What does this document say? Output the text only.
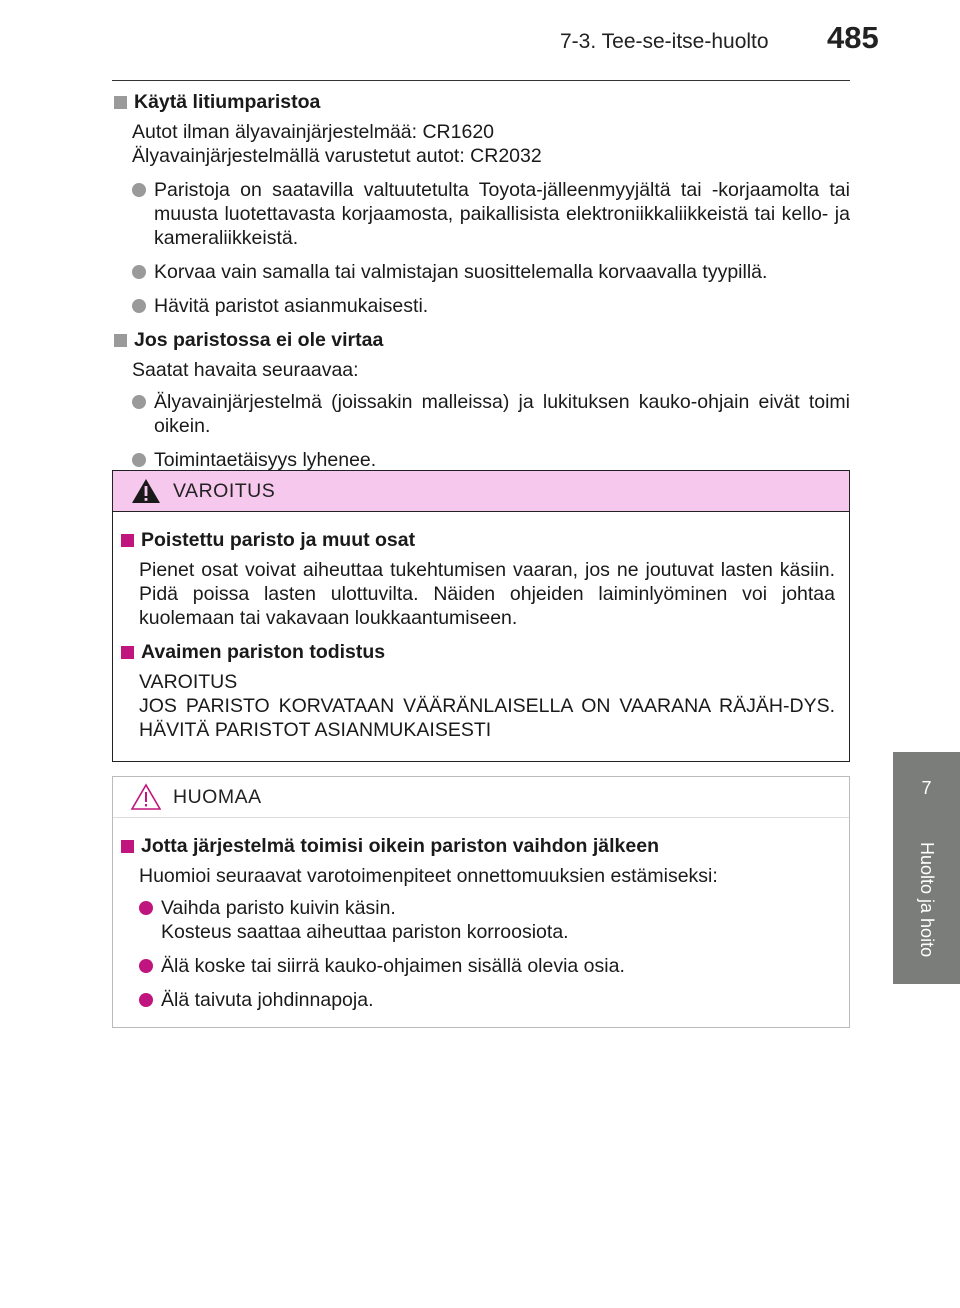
7-3. Tee-se-itse-huolto 485
7
Huolto ja hoito
Käytä litiumparistoa
Autot ilman älyavainjärjestelmää: CR1620
Älyavainjärjestelmällä varustetut autot: CR2032
Paristoja on saatavilla valtuutetulta Toyota-jälleenmyyjältä tai -korjaamolta tai muusta luotettavasta korjaamosta, paikallisista elektroniikkaliikkeistä tai kello- ja kameraliikkeistä.
Korvaa vain samalla tai valmistajan suosittelemalla korvaavalla tyypillä.
Hävitä paristot asianmukaisesti.
Jos paristossa ei ole virtaa
Saatat havaita seuraavaa:
Älyavainjärjestelmä (joissakin malleissa) ja lukituksen kauko-ohjain eivät toimi oikein.
Toimintaetäisyys lyhenee.
VAROITUS
Poistettu paristo ja muut osat
Pienet osat voivat aiheuttaa tukehtumisen vaaran, jos ne joutuvat lasten käsiin. Pidä poissa lasten ulottuvilta. Näiden ohjeiden laiminlyöminen voi johtaa kuolemaan tai vakavaan loukkaantumiseen.
Avaimen pariston todistus
VAROITUS
JOS PARISTO KORVATAAN VÄÄRÄNLAISELLA ON VAARANA RÄJÄH-DYS. HÄVITÄ PARISTOT ASIANMUKAISESTI
HUOMAA
Jotta järjestelmä toimisi oikein pariston vaihdon jälkeen
Huomioi seuraavat varotoimenpiteet onnettomuuksien estämiseksi:
Vaihda paristo kuivin käsin.
Kosteus saattaa aiheuttaa pariston korroosiota.
Älä koske tai siirrä kauko-ohjaimen sisällä olevia osia.
Älä taivuta johdinnapoja.
